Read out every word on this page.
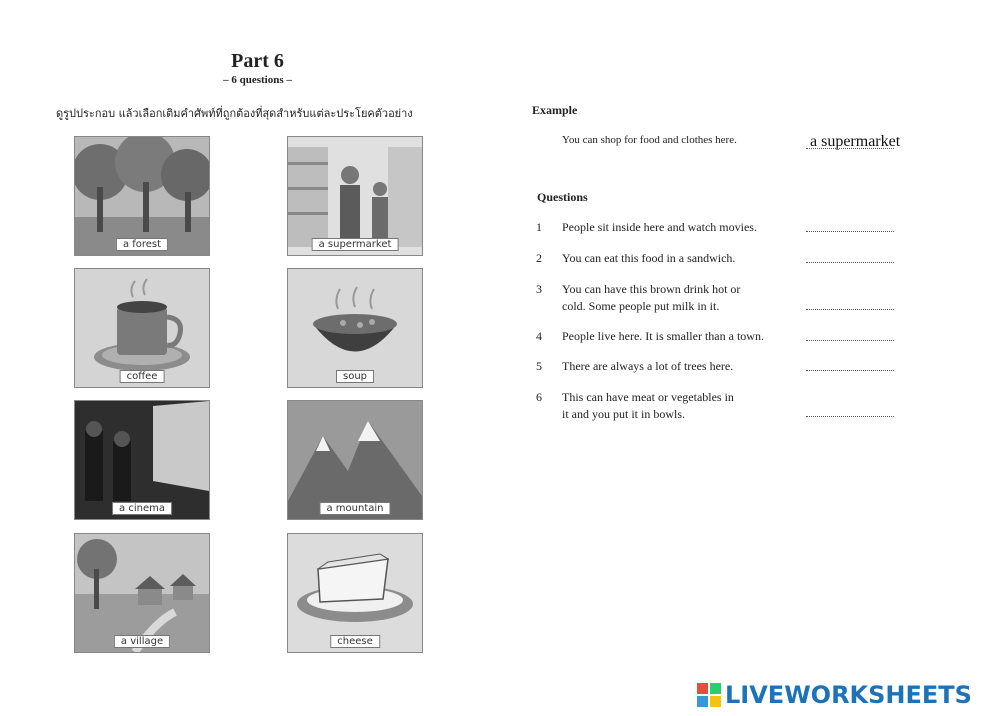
Part 6
– 6 questions –
ดูรูปประกอบ แล้วเลือกเติมคำศัพท์ที่ถูกต้องที่สุดสำหรับแต่ละประโยคตัวอย่าง
a forest	a supermarket
coffee	soup
a cinema	a mountain
a village	cheese
Example
You can shop for food and clothes here.	a supermarket
Questions
1 People sit inside here and watch movies.
2 You can eat this food in a sandwich.
3 You can have this brown drink hot or
cold. Some people put milk in it.
4 People live here. It is smaller than a town.
5 There are always a lot of trees here.
6 This can have meat or vegetables in
it and you put it in bowls.
LIVEWORKSHEETS
